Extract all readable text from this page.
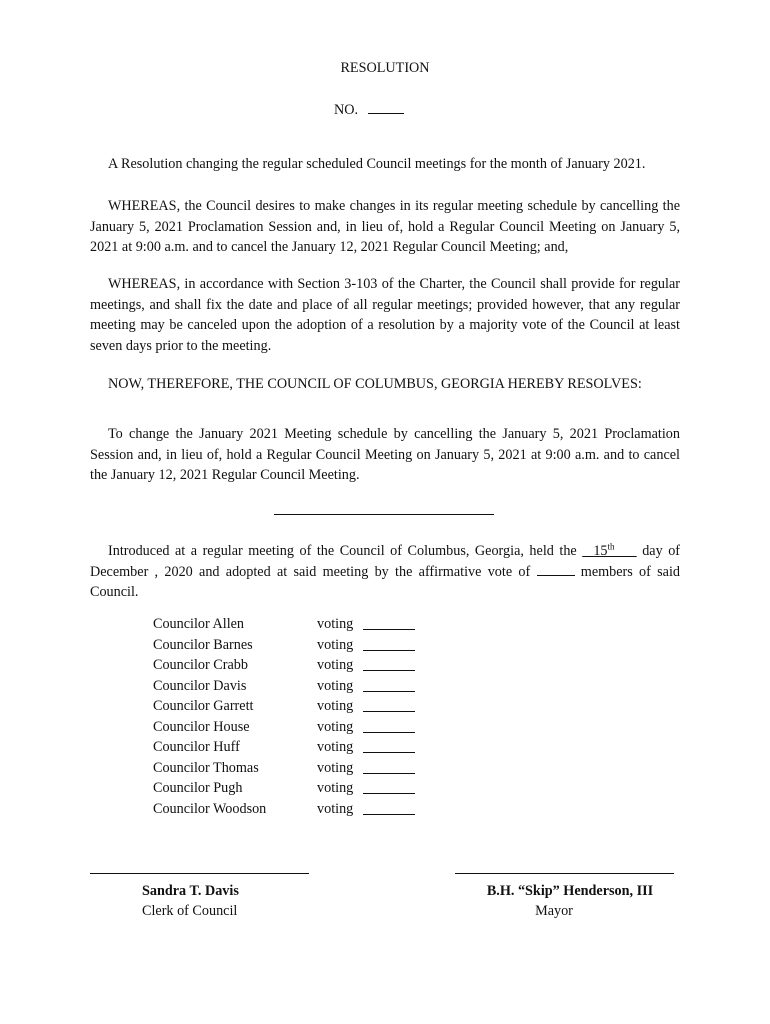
RESOLUTION
NO.

A Resolution changing the regular scheduled Council meetings for the month of January 2021.

WHEREAS, the Council desires to make changes in its regular meeting schedule by cancelling the January 5, 2021 Proclamation Session and, in lieu of, hold a Regular Council Meeting on January 5, 2021 at 9:00 a.m. and to cancel the January 12, 2021 Regular Council Meeting; and,

WHEREAS, in accordance with Section 3-103 of the Charter, the Council shall provide for regular meetings, and shall fix the date and place of all regular meetings; provided however, that any regular meeting may be canceled upon the adoption of a resolution by a majority vote of the Council at least seven days prior to the meeting.

NOW, THEREFORE, THE COUNCIL OF COLUMBUS, GEORGIA HEREBY RESOLVES:

To change the January 2021 Meeting schedule by cancelling the January 5, 2021 Proclamation Session and, in lieu of, hold a Regular Council Meeting on January 5, 2021 at 9:00 a.m. and to cancel the January 12, 2021 Regular Council Meeting.

Introduced at a regular meeting of the Council of Columbus, Georgia, held the 15th day of December , 2020 and adopted at said meeting by the affirmative vote of	members of said Council.

Councilor Allen	voting
Councilor Barnes	voting
Councilor Crabb	voting
Councilor Davis	voting
Councilor Garrett	voting
Councilor House	voting
Councilor Huff	voting
Councilor Thomas	voting
Councilor Pugh	voting
Councilor Woodson	voting
Sandra T. Davis
Clerk of Council
B.H. “Skip” Henderson, III
Mayor
